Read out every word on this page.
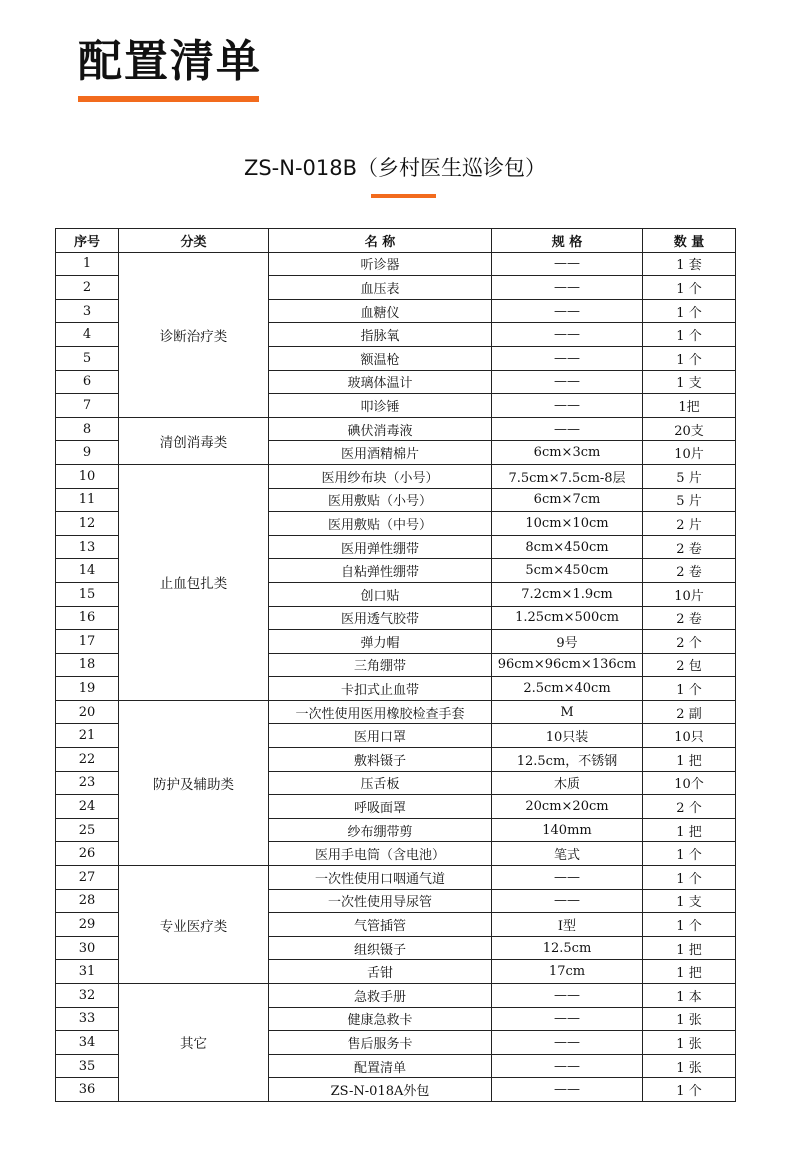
配置清单
ZS-N-018B（乡村医生巡诊包）
序号	分类	名 称	规 格	数 量
1	诊断治疗类	听诊器	——	1 套
2		血压表	——	1 个
3		血糖仪	——	1 个
4		指脉氧	——	1 个
5		额温枪	——	1 个
6		玻璃体温计	——	1 支
7		叩诊锤	——	1把
8	清创消毒类	碘伏消毒液	——	20支
9		医用酒精棉片	6cm×3cm	10片
10	止血包扎类	医用纱布块（小号）	7.5cm×7.5cm-8层	5 片
11		医用敷贴（小号）	6cm×7cm	5 片
12		医用敷贴（中号）	10cm×10cm	2 片
13		医用弹性绷带	8cm×450cm	2 卷
14		自粘弹性绷带	5cm×450cm	2 卷
15		创口贴	7.2cm×1.9cm	10片
16		医用透气胶带	1.25cm×500cm	2 卷
17		弹力帽	9号	2 个
18		三角绷带	96cm×96cm×136cm	2 包
19		卡扣式止血带	2.5cm×40cm	1 个
20	防护及辅助类	一次性使用医用橡胶检查手套	M	2 副
21		医用口罩	10只装	10只
22		敷料镊子	12.5cm，不锈钢	1 把
23		压舌板	木质	10个
24		呼吸面罩	20cm×20cm	2 个
25		纱布绷带剪	140mm	1 把
26		医用手电筒（含电池）	笔式	1 个
27	专业医疗类	一次性使用口咽通气道	——	1 个
28		一次性使用导尿管	——	1 支
29		气管插管	Ⅰ型	1 个
30		组织镊子	12.5cm	1 把
31		舌钳	17cm	1 把
32	其它	急救手册	——	1 本
33		健康急救卡	——	1 张
34		售后服务卡	——	1 张
35		配置清单	——	1 张
36		ZS-N-018A外包	——	1 个
